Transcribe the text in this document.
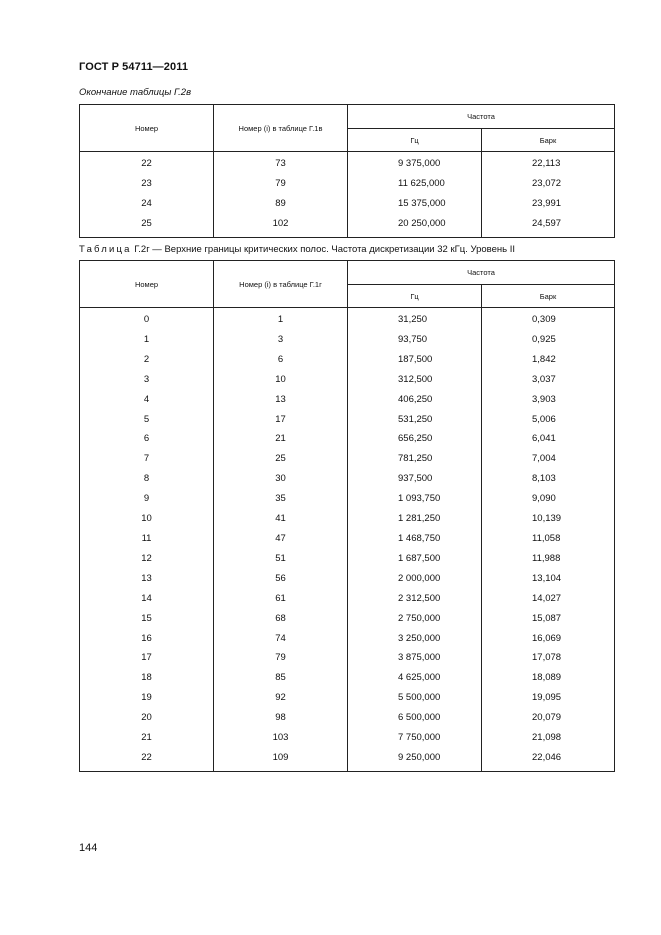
ГОСТ Р 54711—2011
Окончание таблицы Г.2в
Номер	Номер (i) в таблице Г.1в	Частота	
		Гц	Барк
22	73	9 375,000	22,113
23	79	11 625,000	23,072
24	89	15 375,000	23,991
25	102	20 250,000	24,597
Таблица Г.2г — Верхние границы критических полос. Частота дискретизации 32 кГц. Уровень II
Номер	Номер (i) в таблице Г.1г	Частота	
		Гц	Барк
0	1	31,250	0,309
1	3	93,750	0,925
2	6	187,500	1,842
3	10	312,500	3,037
4	13	406,250	3,903
5	17	531,250	5,006
6	21	656,250	6,041
7	25	781,250	7,004
8	30	937,500	8,103
9	35	1 093,750	9,090
10	41	1 281,250	10,139
11	47	1 468,750	11,058
12	51	1 687,500	11,988
13	56	2 000,000	13,104
14	61	2 312,500	14,027
15	68	2 750,000	15,087
16	74	3 250,000	16,069
17	79	3 875,000	17,078
18	85	4 625,000	18,089
19	92	5 500,000	19,095
20	98	6 500,000	20,079
21	103	7 750,000	21,098
22	109	9 250,000	22,046
144
